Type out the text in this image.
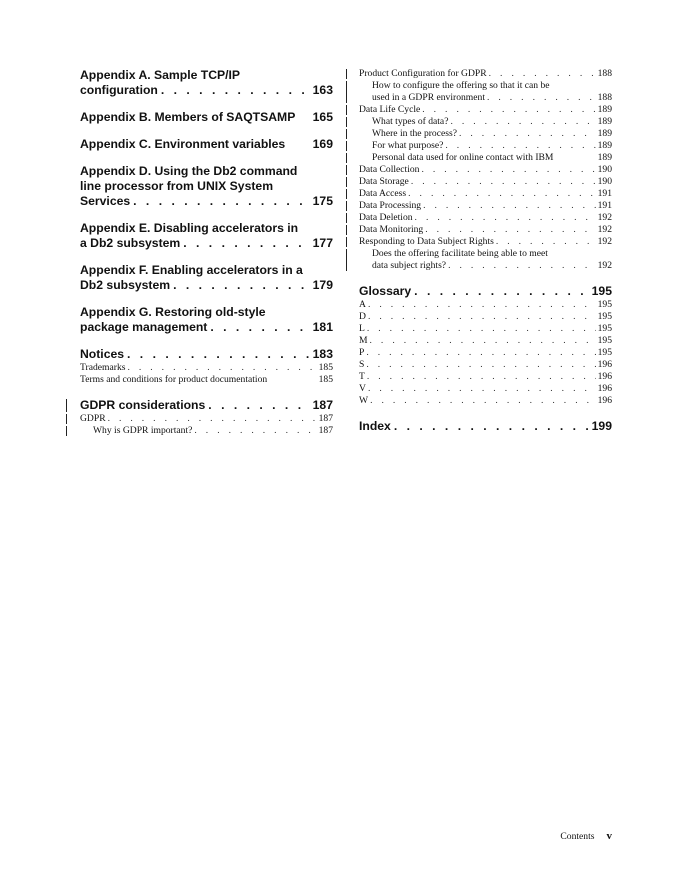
Appendix A. Sample TCP/IP
configuration . . .	163
Appendix B. Members of SAQTSAMP 165
Appendix C. Environment variables 169
Appendix D. Using the Db2 command
line processor from UNIX System
Services . . .	175
Appendix E. Disabling accelerators in
a Db2 subsystem . . .	177
Appendix F. Enabling accelerators in a
Db2 subsystem . . .	179
Appendix G. Restoring old-style
package management . . .	181
Notices . . .	183
Trademarks . . .	185
Terms and conditions for product documentation	185
GDPR considerations . . .	187
GDPR . . .	187
Why is GDPR important? . . .	187
Product Configuration for GDPR . . .	188
How to configure the offering so that it can be
used in a GDPR environment . . .	188
Data Life Cycle . . .	189
What types of data? . . .	189
Where in the process? . . .	189
For what purpose? . . .	189
Personal data used for online contact with IBM	189
Data Collection . . .	190
Data Storage . . .	190
Data Access . . .	191
Data Processing . . .	191
Data Deletion . . .	192
Data Monitoring . . .	192
Responding to Data Subject Rights . . .	192
Does the offering facilitate being able to meet
data subject rights? . . .	192
Glossary . . .	195
A . . .	195
D . . .	195
L . . .	195
M . . .	195
P . . .	195
S . . .	196
T . . .	196
V . . .	196
W . . .	196
Index . . .	199
Contents v
